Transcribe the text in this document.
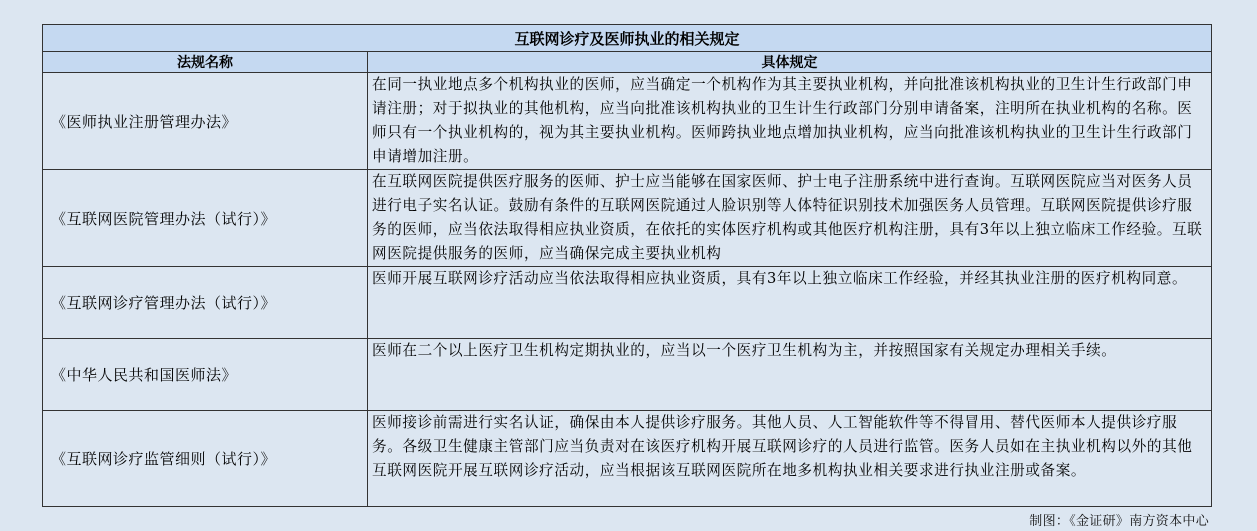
互联网诊疗及医师执业的相关规定	
法规名称	具体规定
《医师执业注册管理办法》	在同一执业地点多个机构执业的医师，应当确定一个机构作为其主要执业机构，并向批准该机构执业的卫生计生行政部门申请注册；对于拟执业的其他机构，应当向批准该机构执业的卫生计生行政部门分别申请备案，注明所在执业机构的名称。医师只有一个执业机构的，视为其主要执业机构。医师跨执业地点增加执业机构，应当向批准该机构执业的卫生计生行政部门申请增加注册。
《互联网医院管理办法（试行）》	在互联网医院提供医疗服务的医师、护士应当能够在国家医师、护士电子注册系统中进行查询。互联网医院应当对医务人员进行电子实名认证。鼓励有条件的互联网医院通过人脸识别等人体特征识别技术加强医务人员管理。互联网医院提供诊疗服务的医师，应当依法取得相应执业资质，在依托的实体医疗机构或其他医疗机构注册，具有3年以上独立临床工作经验。互联网医院提供服务的医师，应当确保完成主要执业机构

《互联网诊疗管理办法（试行）》	医师开展互联网诊疗活动应当依法取得相应执业资质，具有3年以上独立临床工作经验，并经其执业注册的医疗机构同意。
《中华人民共和国医师法》	医师在二个以上医疗卫生机构定期执业的，应当以一个医疗卫生机构为主，并按照国家有关规定办理相关手续。
《互联网诊疗监管细则（试行）》	医师接诊前需进行实名认证，确保由本人提供诊疗服务。其他人员、人工智能软件等不得冒用、替代医师本人提供诊疗服务。各级卫生健康主管部门应当负责对在该医疗机构开展互联网诊疗的人员进行监管。医务人员如在主执业机构以外的其他互联网医院开展互联网诊疗活动，应当根据该互联网医院所在地多机构执业相关要求进行执业注册或备案。
制图：《金证研》南方资本中心
